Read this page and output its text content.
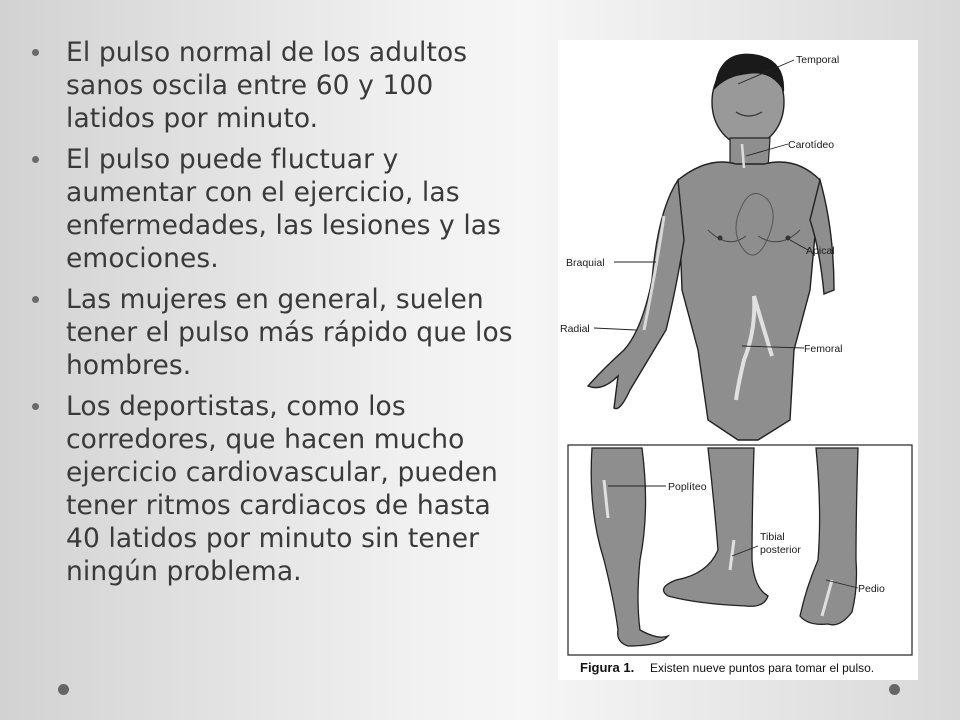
El pulso normal de los adultos sanos oscila entre 60 y 100 latidos por minuto.
El pulso puede fluctuar y aumentar con el ejercicio, las enfermedades, las lesiones y las emociones.
Las mujeres en general, suelen tener el pulso más rápido que los hombres.
Los deportistas, como los corredores, que hacen mucho ejercicio cardiovascular, pueden tener ritmos cardiacos de hasta 40 latidos por minuto sin tener ningún problema.
Temporal
Carotídeo
Apical
Braquial
Radial
Femoral
Poplíteo
Tibial
posterior
Pedio
Figura 1. Existen nueve puntos para tomar el pulso.
